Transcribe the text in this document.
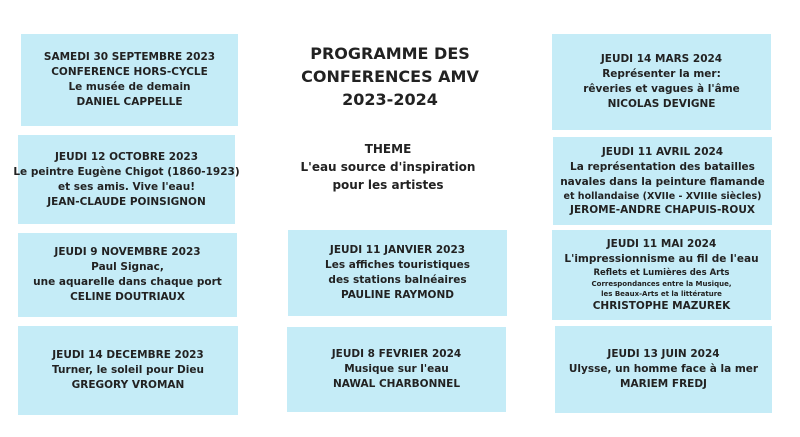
PROGRAMME DES
CONFERENCES AMV
2023-2024
THEME
L'eau source d'inspiration
pour les artistes
SAMEDI 30 SEPTEMBRE 2023
CONFERENCE HORS-CYCLE
Le musée de demain
DANIEL CAPPELLE
JEUDI 12 OCTOBRE 2023
Le peintre Eugène Chigot (1860-1923)
et ses amis. Vive l'eau!
JEAN-CLAUDE POINSIGNON
JEUDI 9 NOVEMBRE 2023
Paul Signac,
une aquarelle dans chaque port
CELINE DOUTRIAUX
JEUDI 14 DECEMBRE 2023
Turner, le soleil pour Dieu
GREGORY VROMAN
JEUDI 11 JANVIER 2023
Les affiches touristiques
des stations balnéaires
PAULINE RAYMOND
JEUDI 8 FEVRIER 2024
Musique sur l'eau
NAWAL CHARBONNEL
JEUDI 14 MARS 2024
Représenter la mer:
rêveries et vagues à l'âme
NICOLAS DEVIGNE
JEUDI 11 AVRIL 2024
La représentation des batailles
navales dans la peinture flamande
et hollandaise (XVIIe - XVIIIe siècles)
JEROME-ANDRE CHAPUIS-ROUX
JEUDI 11 MAI 2024
L'impressionnisme au fil de l'eau
Reflets et Lumières des Arts
Correspondances entre la Musique,
les Beaux-Arts et la littérature
CHRISTOPHE MAZUREK
JEUDI 13 JUIN 2024
Ulysse, un homme face à la mer
MARIEM FREDJ
